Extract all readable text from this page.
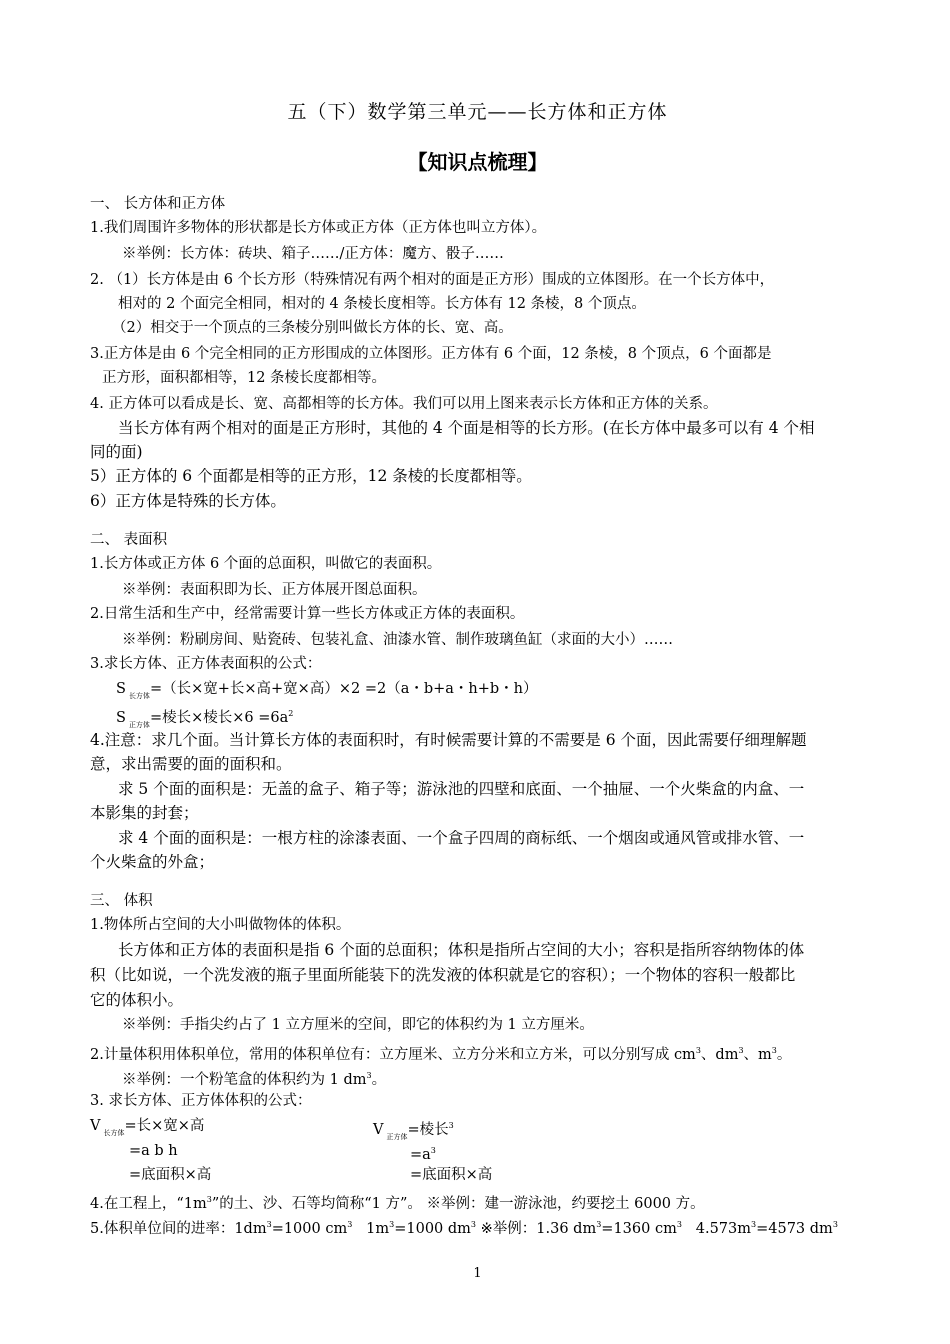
五（下）数学第三单元——长方体和正方体
【知识点梳理】
一、 长方体和正方体
1.我们周围许多物体的形状都是长方体或正方体（正方体也叫立方体）。
※举例：长方体：砖块、箱子……/正方体：魔方、骰子……
2. （1）长方体是由 6 个长方形（特殊情况有两个相对的面是正方形）围成的立体图形。在一个长方体中，
相对的 2 个面完全相同，相对的 4 条棱长度相等。长方体有 12 条棱，8 个顶点。
（2）相交于一个顶点的三条棱分别叫做长方体的长、宽、高。
3.正方体是由 6 个完全相同的正方形围成的立体图形。正方体有 6 个面，12 条棱，8 个顶点，6 个面都是
正方形，面积都相等，12 条棱长度都相等。
4. 正方体可以看成是长、宽、高都相等的长方体。我们可以用上图来表示长方体和正方体的关系。
当长方体有两个相对的面是正方形时，其他的 4 个面是相等的长方形。(在长方体中最多可以有 4 个相
同的面)
5）正方体的 6 个面都是相等的正方形，12 条棱的长度都相等。
6）正方体是特殊的长方体。
二、 表面积
1.长方体或正方体 6 个面的总面积，叫做它的表面积。
※举例：表面积即为长、正方体展开图总面积。
2.日常生活和生产中，经常需要计算一些长方体或正方体的表面积。
※举例：粉刷房间、贴瓷砖、包装礼盒、油漆水管、制作玻璃鱼缸（求面的大小）……
3.求长方体、正方体表面积的公式：
S $_{长方体}$=（长×宽+长×高+宽×高）×2 =2（a・b+a・h+b・h）
S $_{正方体}$=棱长×棱长$\times 6 =6a^2$
4.注意：求几个面。当计算长方体的表面积时，有时候需要计算的不需要是 6 个面，因此需要仔细理解题
意，求出需要的面的面积和。
求 5 个面的面积是：无盖的盒子、箱子等；游泳池的四壁和底面、一个抽屉、一个火柴盒的内盒、一
本影集的封套；
求 4 个面的面积是：一根方柱的涂漆表面、一个盒子四周的商标纸、一个烟囱或通风管或排水管、一
个火柴盒的外盒；
三、 体积
1.物体所占空间的大小叫做物体的体积。
长方体和正方体的表面积是指 6 个面的总面积；体积是指所占空间的大小；容积是指所容纳物体的体
积（比如说，一个洗发液的瓶子里面所能装下的洗发液的体积就是它的容积）；一个物体的容积一般都比
它的体积小。
※举例：手指尖约占了 1 立方厘米的空间，即它的体积约为 1 立方厘米。
2.计量体积用体积单位，常用的体积单位有：立方厘米、立方分米和立方米，可以分别写成 $cm^3$、$dm^3$、$m^3$。
※举例：一个粉笔盒的体积约为 1 $dm^3$。
3. 求长方体、正方体体积的公式：
V $_{长方体}$=长×宽×高
=a b h
=底面积×高
V $_{正方体}$=棱长$^3$
$=a^3$
=底面积×高
4.在工程上，“$1m^3$”的土、沙、石等均简称“1 方”。 ※举例：建一游泳池，约要挖土 6000 方。
5.体积单位间的进率：$1dm^3=1000$ $cm^3$   $1m^3=1000$ $dm^3$ ※举例：1.36 $dm^3=1360$ $cm^3$   $4.573m^3=4573$ $dm^3$
1
